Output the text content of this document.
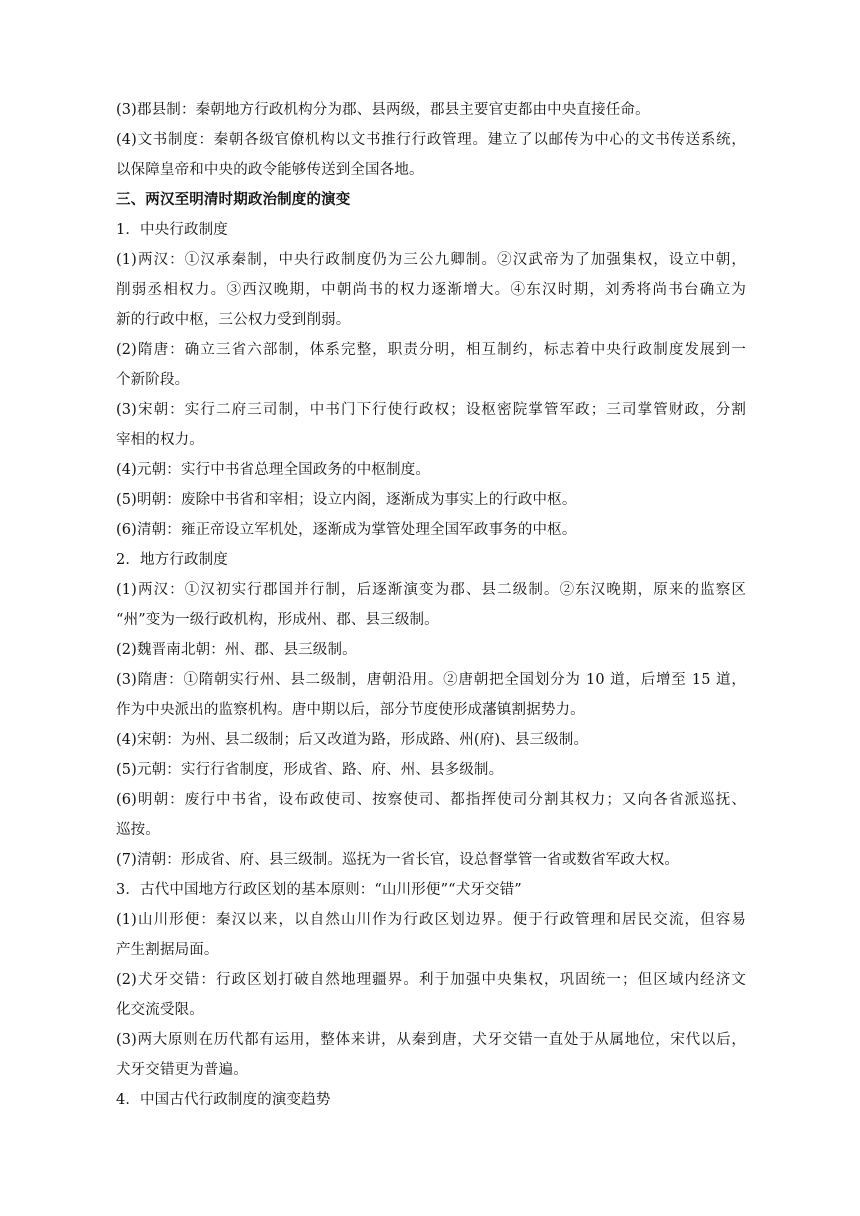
(3)郡县制：秦朝地方行政机构分为郡、县两级，郡县主要官吏都由中央直接任命。
(4)文书制度：秦朝各级官僚机构以文书推行行政管理。建立了以邮传为中心的文书传送系统，
以保障皇帝和中央的政令能够传送到全国各地。
三、两汉至明清时期政治制度的演变
1．中央行政制度
(1)两汉：①汉承秦制，中央行政制度仍为三公九卿制。②汉武帝为了加强集权，设立中朝，
削弱丞相权力。③西汉晚期，中朝尚书的权力逐渐增大。④东汉时期，刘秀将尚书台确立为
新的行政中枢，三公权力受到削弱。
(2)隋唐：确立三省六部制，体系完整，职责分明，相互制约，标志着中央行政制度发展到一
个新阶段。
(3)宋朝：实行二府三司制，中书门下行使行政权；设枢密院掌管军政；三司掌管财政，分割
宰相的权力。
(4)元朝：实行中书省总理全国政务的中枢制度。
(5)明朝：废除中书省和宰相；设立内阁，逐渐成为事实上的行政中枢。
(6)清朝：雍正帝设立军机处，逐渐成为掌管处理全国军政事务的中枢。
2．地方行政制度
(1)两汉：①汉初实行郡国并行制，后逐渐演变为郡、县二级制。②东汉晚期，原来的监察区
“州”变为一级行政机构，形成州、郡、县三级制。
(2)魏晋南北朝：州、郡、县三级制。
(3)隋唐：①隋朝实行州、县二级制，唐朝沿用。②唐朝把全国划分为 10 道，后增至 15 道，
作为中央派出的监察机构。唐中期以后，部分节度使形成藩镇割据势力。
(4)宋朝：为州、县二级制；后又改道为路，形成路、州(府)、县三级制。
(5)元朝：实行行省制度，形成省、路、府、州、县多级制。
(6)明朝：废行中书省，设布政使司、按察使司、都指挥使司分割其权力；又向各省派巡抚、
巡按。
(7)清朝：形成省、府、县三级制。巡抚为一省长官，设总督掌管一省或数省军政大权。
3．古代中国地方行政区划的基本原则：“山川形便”“犬牙交错”
(1)山川形便：秦汉以来，以自然山川作为行政区划边界。便于行政管理和居民交流，但容易
产生割据局面。
(2)犬牙交错：行政区划打破自然地理疆界。利于加强中央集权，巩固统一；但区域内经济文
化交流受限。
(3)两大原则在历代都有运用，整体来讲，从秦到唐，犬牙交错一直处于从属地位，宋代以后，
犬牙交错更为普遍。
4．中国古代行政制度的演变趋势
